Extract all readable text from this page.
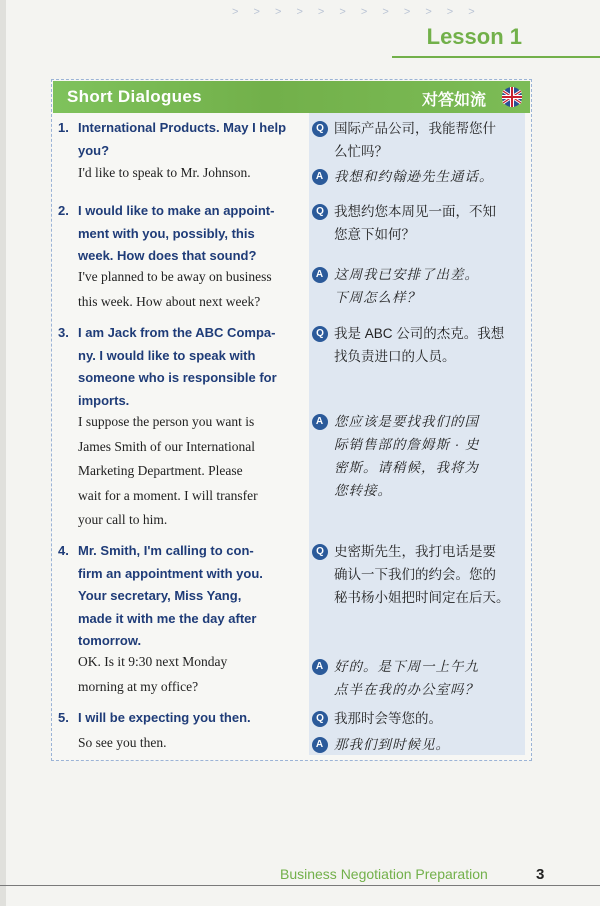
> > > > > > > > > > > >
Lesson 1
Short Dialogues	对答如流
1. International Products. May I help
you?
I'd like to speak to Mr. Johnson.
Q 国际产品公司，我能帮您什
么忙吗？
A 我想和约翰逊先生通话。
2. I would like to make an appoint-
ment with you, possibly, this
week. How does that sound?
I've planned to be away on business
this week. How about next week?
Q 我想约您本周见一面，不知
您意下如何？
A 这周我已安排了出差。
下周怎么样？
3. I am Jack from the ABC Compa-
ny. I would like to speak with
someone who is responsible for
imports.
I suppose the person you want is
James Smith of our International
Marketing Department. Please
wait for a moment. I will transfer
your call to him.
Q 我是 ABC 公司的杰克。我想
找负责进口的人员。
A 您应该是要找我们的国
际销售部的詹姆斯 · 史
密斯。请稍候，我将为
您转接。
4. Mr. Smith, I'm calling to con-
firm an appointment with you.
Your secretary, Miss Yang,
made it with me the day after
tomorrow.
OK. Is it 9:30 next Monday
morning at my office?
Q 史密斯先生，我打电话是要
确认一下我们的约会。您的
秘书杨小姐把时间定在后天。
A 好的。是下周一上午九
点半在我的办公室吗？
5. I will be expecting you then.
So see you then.
Q 我那时会等您的。
A 那我们到时候见。
Business Negotiation Preparation	3
